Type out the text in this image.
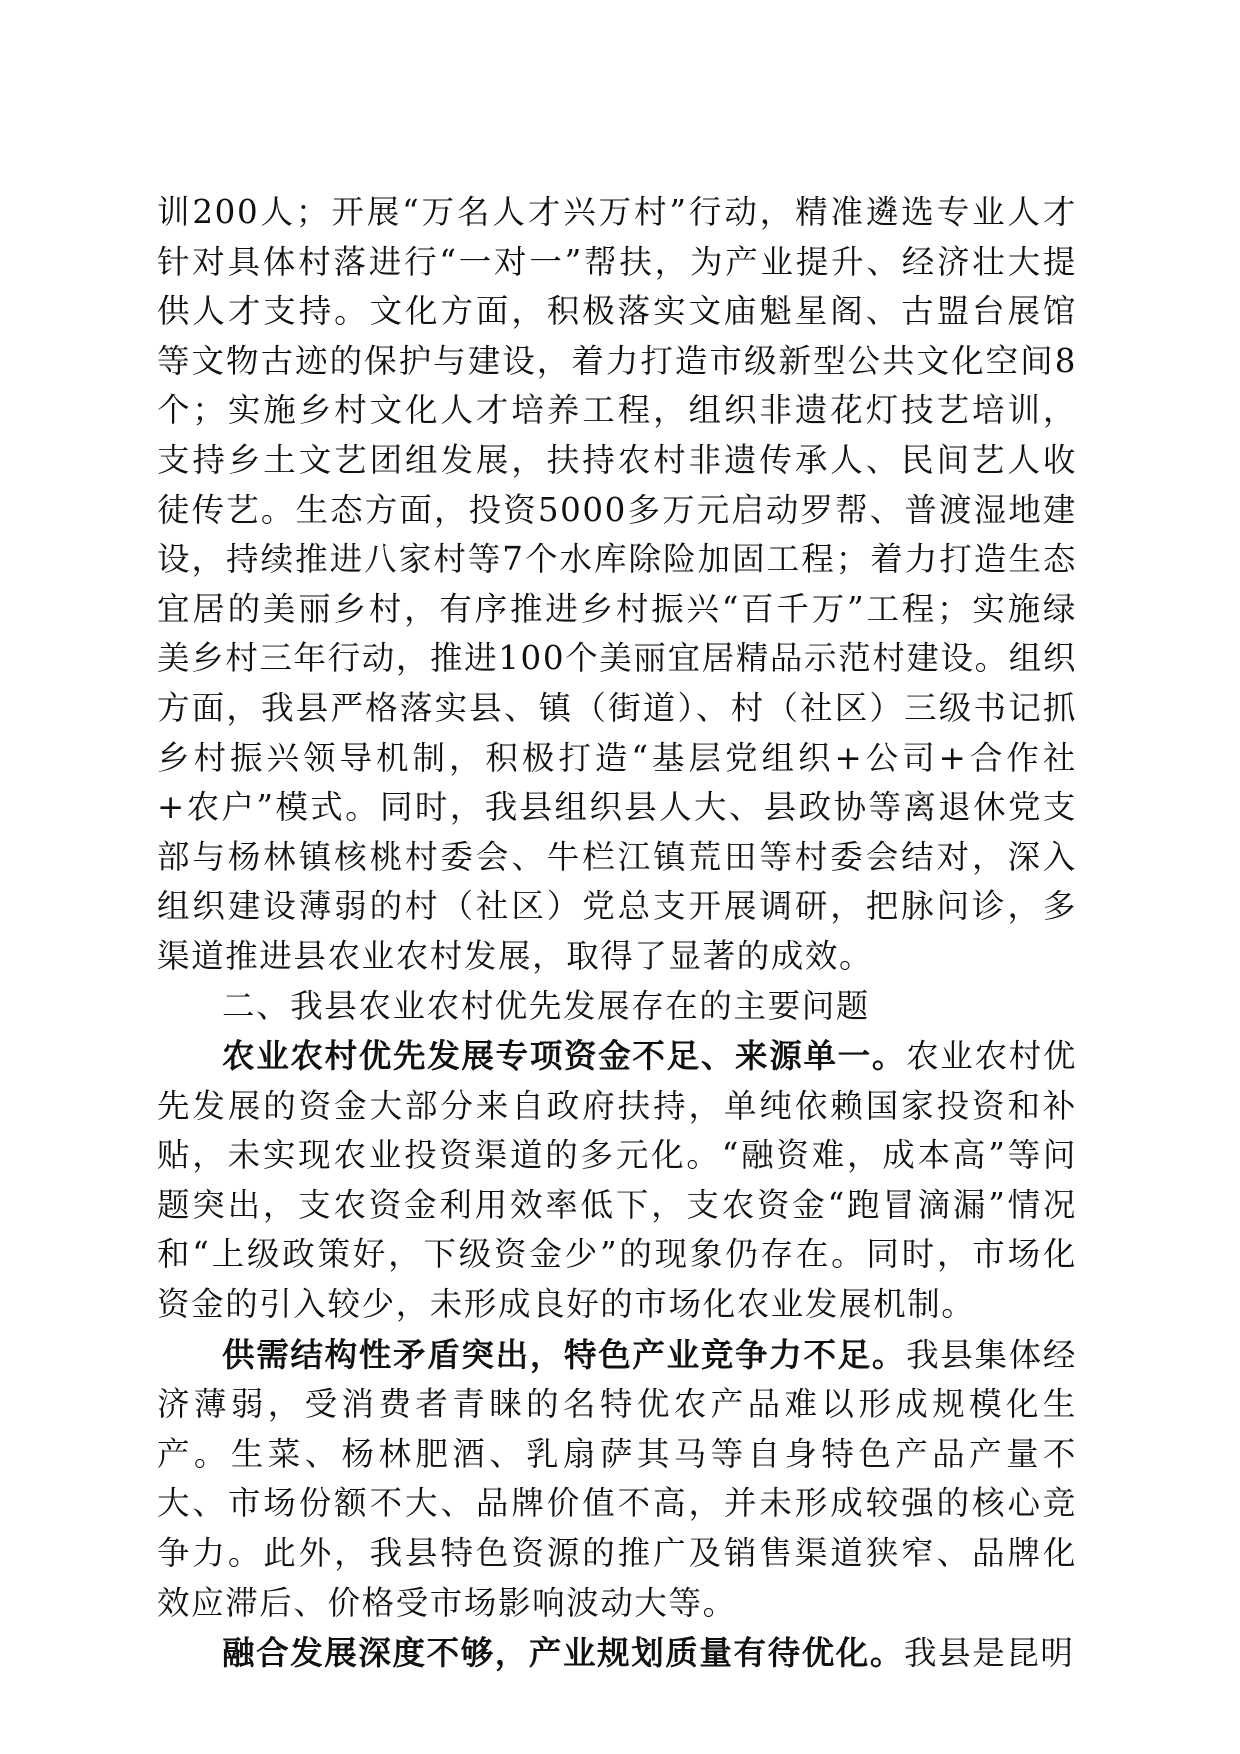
训200人；开展“万名人才兴万村”行动，精准遴选专业人才针对具体村落进行“一对一”帮扶，为产业提升、经济壮大提供人才支持。文化方面，积极落实文庙魁星阁、古盟台展馆等文物古迹的保护与建设，着力打造市级新型公共文化空间8个；实施乡村文化人才培养工程，组织非遗花灯技艺培训，支持乡土文艺团组发展，扶持农村非遗传承人、民间艺人收徒传艺。生态方面，投资5000多万元启动罗帮、普渡湿地建设，持续推进八家村等7个水库除险加固工程；着力打造生态宜居的美丽乡村，有序推进乡村振兴“百千万”工程；实施绿美乡村三年行动，推进100个美丽宜居精品示范村建设。组织方面，我县严格落实县、镇（街道）、村（社区）三级书记抓乡村振兴领导机制，积极打造“基层党组织+公司+合作社+农户”模式。同时，我县组织县人大、县政协等离退休党支部与杨林镇核桃村委会、牛栏江镇荒田等村委会结对，深入组织建设薄弱的村（社区）党总支开展调研，把脉问诊，多渠道推进县农业农村发展，取得了显著的成效。

二、我县农业农村优先发展存在的主要问题

农业农村优先发展专项资金不足、来源单一。农业农村优先发展的资金大部分来自政府扶持，单纯依赖国家投资和补贴，未实现农业投资渠道的多元化。“融资难，成本高”等问题突出，支农资金利用效率低下，支农资金“跑冒滴漏”情况和“上级政策好，下级资金少”的现象仍存在。同时，市场化资金的引入较少，未形成良好的市场化农业发展机制。

供需结构性矛盾突出，特色产业竞争力不足。我县集体经济薄弱，受消费者青睐的名特优农产品难以形成规模化生产。生菜、杨林肥酒、乳扇萨其马等自身特色产品产量不大、市场份额不大、品牌价值不高，并未形成较强的核心竞争力。此外，我县特色资源的推广及销售渠道狭窄、品牌化效应滞后、价格受市场影响波动大等。

融合发展深度不够，产业规划质量有待优化。我县是昆明
